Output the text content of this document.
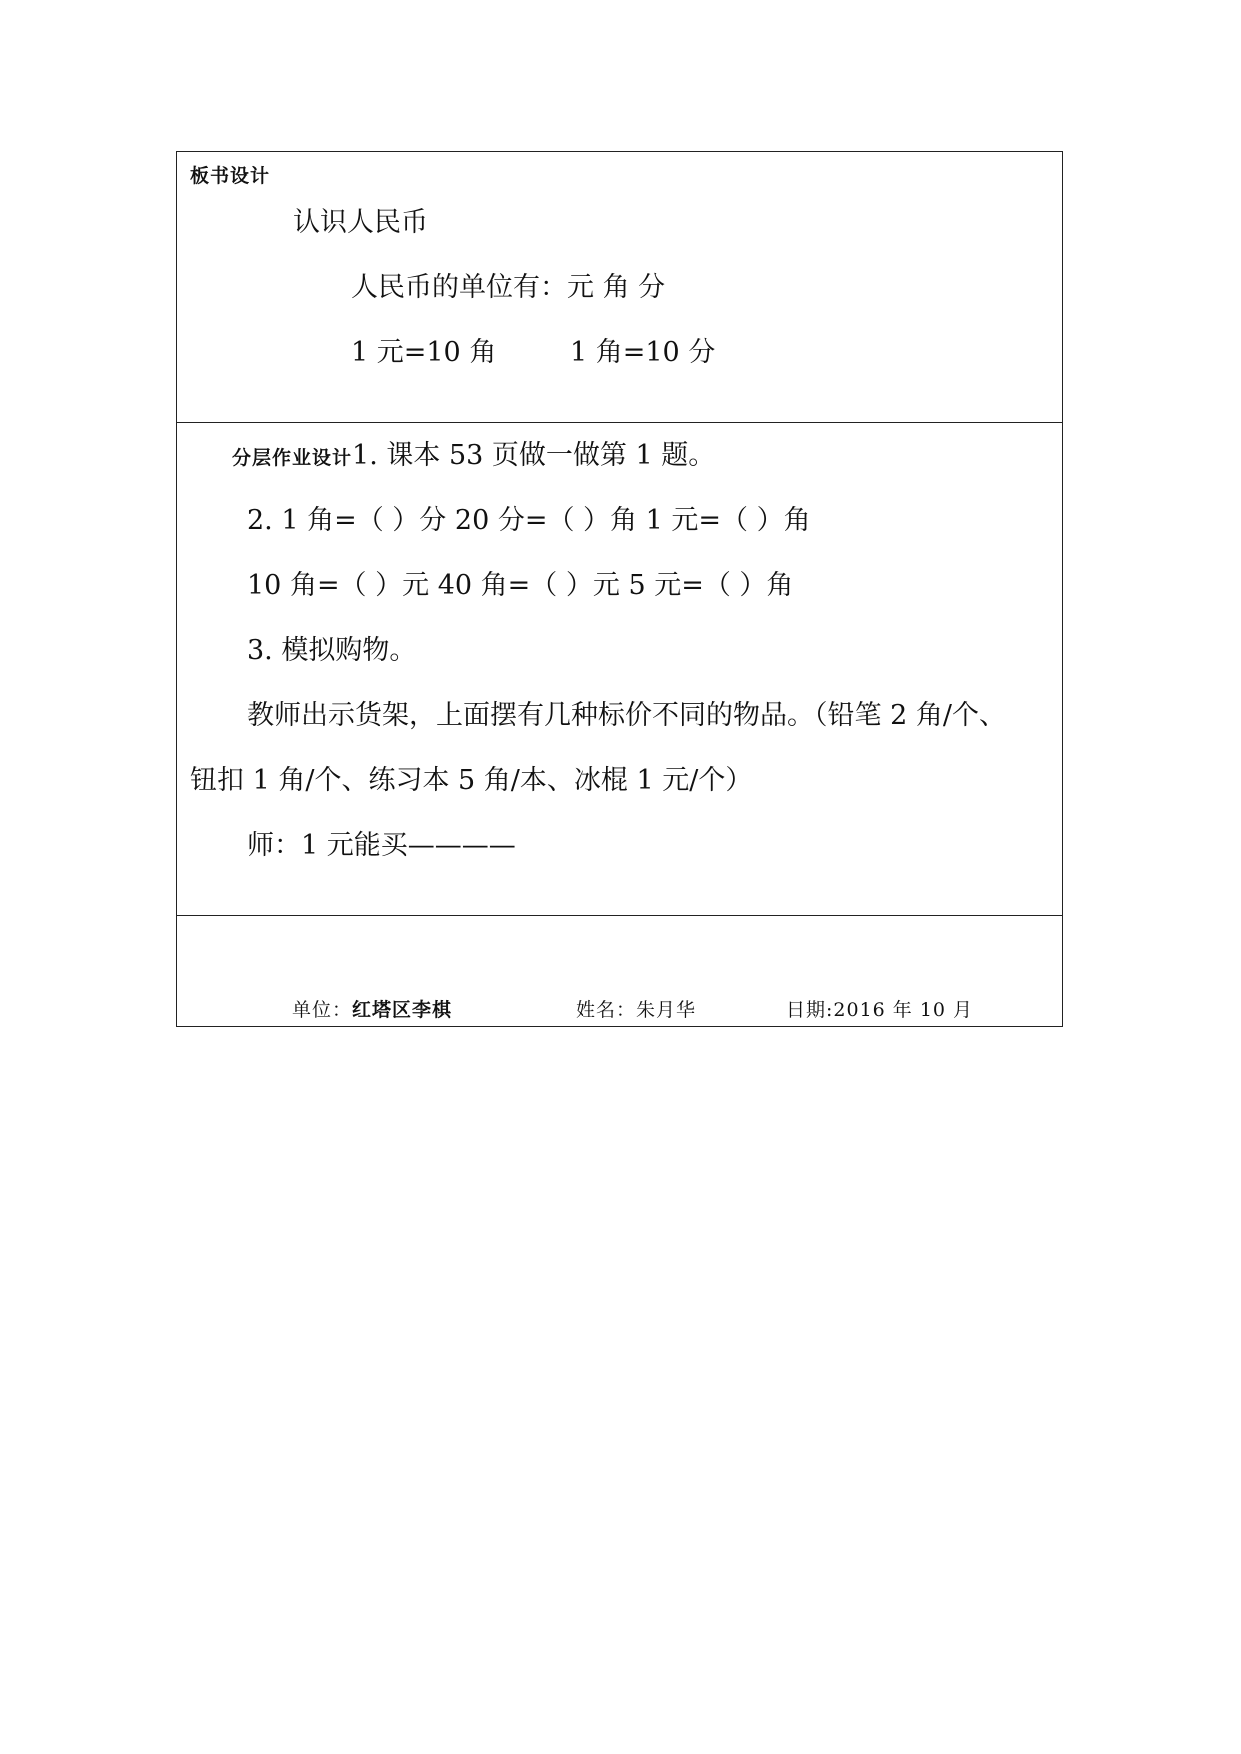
板书设计
认识人民币
人民币的单位有：元 角 分
1 元=10 角	1 角=10 分
分层作业设计1. 课本 53 页做一做第 1 题。
2. 1 角=（ ）分 20 分=（ ）角 1 元=（ ）角
10 角=（ ）元 40 角=（ ）元 5 元=（ ）角
3. 模拟购物。
教师出示货架，上面摆有几种标价不同的物品。（铅笔 2 角/个、
钮扣 1 角/个、练习本 5 角/本、冰棍 1 元/个）
师：1 元能买————
单位：红塔区李棋	姓名：朱月华	日期:2016 年 10 月
